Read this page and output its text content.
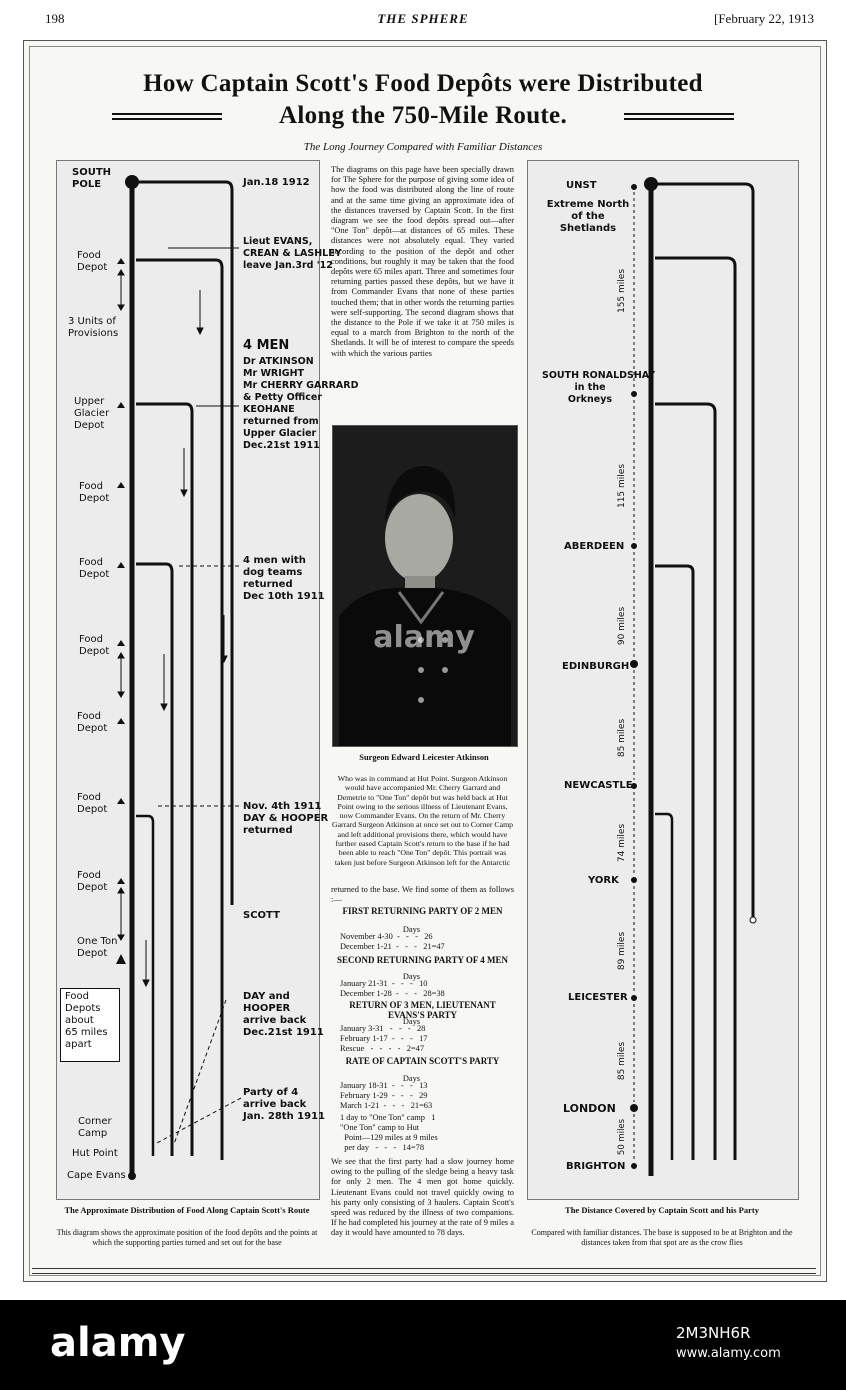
198	THE SPHERE	[February 22, 1913
How Captain Scott's Food Depôts were Distributed
Along the 750-Mile Route.
The Long Journey Compared with Familiar Distances
SOUTH
POLE
Food
Depot
3 Units of
Provisions
Upper
Glacier
Depot
Food
Depot
Food
Depot
Food
Depot
Food
Depot
Food
Depot
Food
Depot
One Ton
Depot
Corner
Camp
Hut Point
Cape Evans
Food
Depots
about
65 miles
apart
Jan.18 1912
Lieut EVANS,
CREAN & LASHLEY
leave Jan.3rd '12
4 MEN
Dr ATKINSON
Mr WRIGHT
Mr CHERRY GARRARD
& Petty Officer
KEOHANE
returned from
Upper Glacier
Dec.21st 1911
4 men with
dog teams
returned
Dec 10th 1911
Nov. 4th 1911
DAY & HOOPER
returned
SCOTT
DAY and
HOOPER
arrive back
Dec.21st 1911
Party of 4
arrive back
Jan. 28th 1911
The Approximate Distribution of Food Along Captain Scott's Route
This diagram shows the approximate position of the food depôts and the points at which the supporting parties turned and set out for the base
The diagrams on this page have been specially drawn for The Sphere for the purpose of giving some idea of how the food was distributed along the line of route and at the same time giving an approximate idea of the distances traversed by Captain Scott. In the first diagram we see the food depôts spread out—after "One Ton" depôt—at distances of 65 miles. These distances were not absolutely equal. They varied according to the position of the depôt and other conditions, but roughly it may be taken that the food depôts were 65 miles apart. Three and sometimes four returning parties passed these depôts, but we have it from Commander Evans that none of these parties touched them; that in other words the returning parties were self-supporting. The second diagram shows that the distance to the Pole if we take it at 750 miles is equal to a march from Brighton to the north of the Shetlands. It will be of interest to compare the speeds with which the various parties
alamy
Surgeon Edward Leicester Atkinson
Who was in command at Hut Point. Surgeon Atkinson would have accompanied Mr. Cherry Garrard and Demetrie to "One Ton" depôt but was held back at Hut Point owing to the serious illness of Lieutenant Evans, now Commander Evans. On the return of Mr. Cherry Garrard Surgeon Atkinson at once set out to Corner Camp and left additional provisions there, which would have further eased Captain Scott's return to the base if he had been able to reach "One Ton" depôt. This portrait was taken just before Surgeon Atkinson left for the Antarctic
returned to the base. We find some of them as follows :—
FIRST RETURNING PARTY OF 2 MEN
Days
November 4-30  -   -   -   26
December 1-21  -   -   -   21=47
SECOND RETURNING PARTY OF 4 MEN
Days
January 21-31  -   -   -   10
December 1-28  -   -   -   28=38
RETURN OF 3 MEN, LIEUTENANT EVANS'S PARTY
Days
January 3-31   -   -   -   28
February 1-17  -   -   -   17
Rescue   -   -   -   -   2=47
RATE OF CAPTAIN SCOTT'S PARTY
Days
January 18-31  -   -   -   13
February 1-29  -   -   -   29
March 1-21  -   -   -   21=63
1 day to "One Ton" camp   1
"One Ton" camp to Hut
Point—129 miles at 9 miles
per day   -   -   -   14=78
We see that the first party had a slow journey home owing to the pulling of the sledge being a heavy task for only 2 men. The 4 men got home quickly. Lieutenant Evans could not travel quickly owing to his party only consisting of 3 haulers. Captain Scott's speed was reduced by the illness of two companions. If he had completed his journey at the rate of 9 miles a day it would have amounted to 78 days.
UNST
Extreme North
of the
Shetlands
SOUTH RONALDSHAY
in the
Orkneys
ABERDEEN
EDINBURGH
NEWCASTLE
YORK
LEICESTER
LONDON
BRIGHTON
155 miles
115 miles
90 miles
85 miles
74 miles
89 miles
85 miles
50 miles
The Distance Covered by Captain Scott and his Party
Compared with familiar distances. The base is supposed to be at Brighton and the distances taken from that spot are as the crow flies
alamy	2M3NH6R
www.alamy.com
